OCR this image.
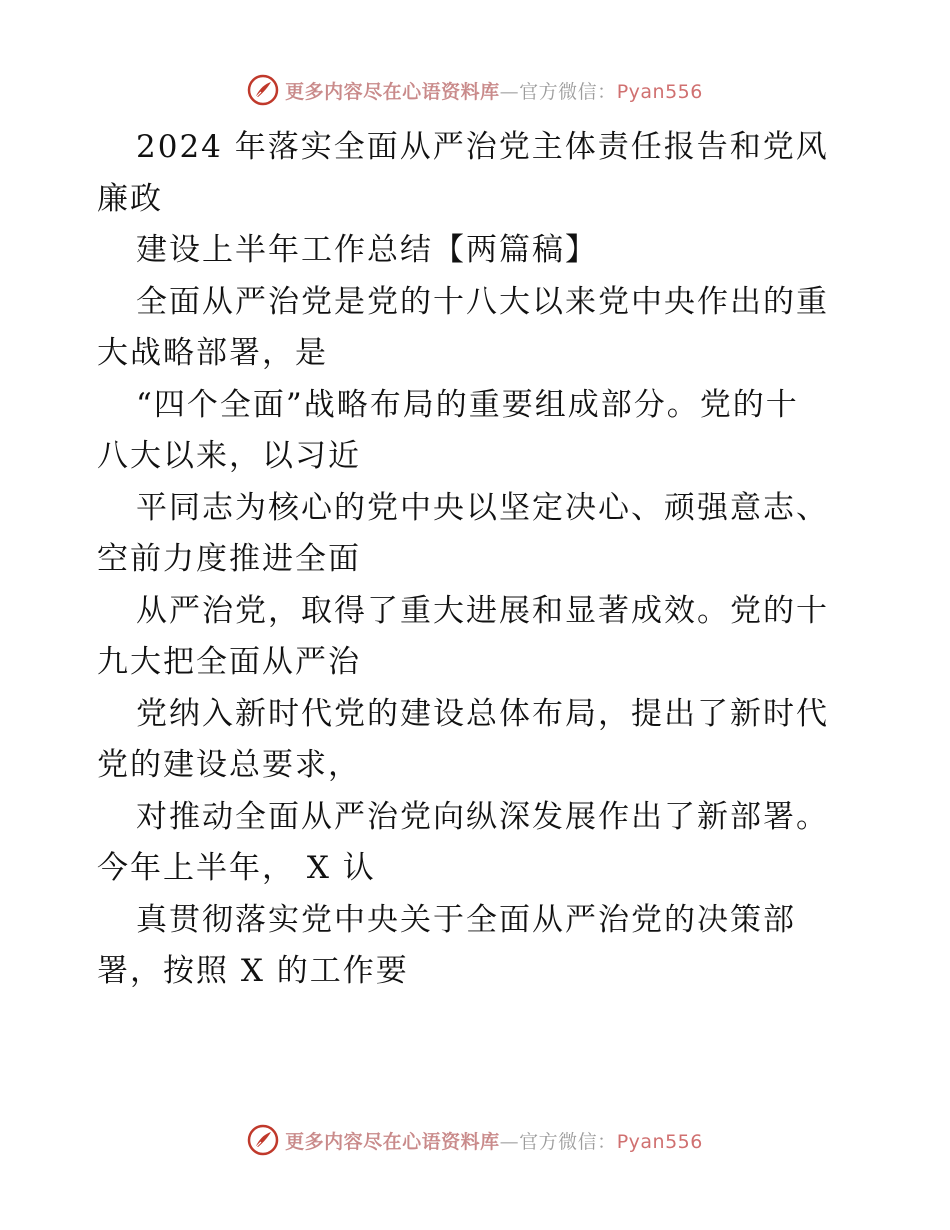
更多内容尽在心语资料库—官方微信：Pyan556
2024 年落实全面从严治党主体责任报告和党风
廉政
建设上半年工作总结【两篇稿】
全面从严治党是党的十八大以来党中央作出的重
大战略部署，是
“四个全面”战略布局的重要组成部分。党的十
八大以来，以习近
平同志为核心的党中央以坚定决心、顽强意志、
空前力度推进全面
从严治党，取得了重大进展和显著成效。党的十
九大把全面从严治
党纳入新时代党的建设总体布局，提出了新时代
党的建设总要求，
对推动全面从严治党向纵深发展作出了新部署。
今年上半年， X 认
真贯彻落实党中央关于全面从严治党的决策部
署，按照 X 的工作要
更多内容尽在心语资料库—官方微信：Pyan556
